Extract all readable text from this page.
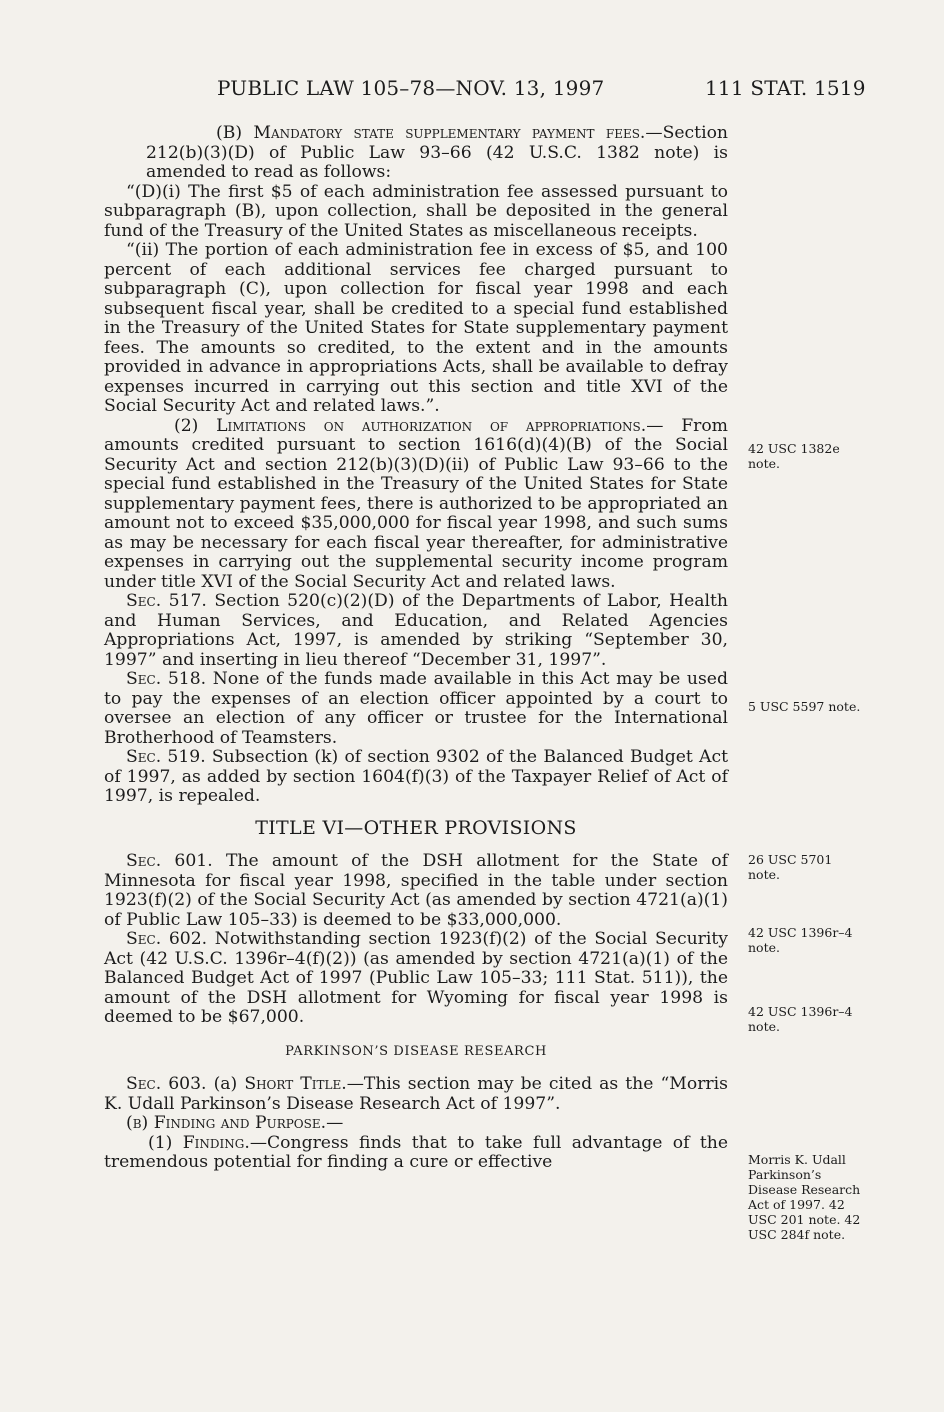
PUBLIC LAW 105–78—NOV. 13, 1997	111 STAT. 1519

(B) Mandatory state supplementary payment fees.—Section 212(b)(3)(D) of Public Law 93–66 (42 U.S.C. 1382 note) is amended to read as follows:

“(D)(i) The first $5 of each administration fee assessed pursuant to subparagraph (B), upon collection, shall be deposited in the general fund of the Treasury of the United States as miscellaneous receipts.

“(ii) The portion of each administration fee in excess of $5, and 100 percent of each additional services fee charged pursuant to subparagraph (C), upon collection for fiscal year 1998 and each subsequent fiscal year, shall be credited to a special fund established in the Treasury of the United States for State supplementary payment fees. The amounts so credited, to the extent and in the amounts provided in advance in appropriations Acts, shall be available to defray expenses incurred in carrying out this section and title XVI of the Social Security Act and related laws.”.

(2) Limitations on authorization of appropriations.— From amounts credited pursuant to section 1616(d)(4)(B) of the Social Security Act and section 212(b)(3)(D)(ii) of Public Law 93–66 to the special fund established in the Treasury of the United States for State supplementary payment fees, there is authorized to be appropriated an amount not to exceed $35,000,000 for fiscal year 1998, and such sums as may be necessary for each fiscal year thereafter, for administrative expenses in carrying out the supplemental security income program under title XVI of the Social Security Act and related laws.

Sec. 517. Section 520(c)(2)(D) of the Departments of Labor, Health and Human Services, and Education, and Related Agencies Appropriations Act, 1997, is amended by striking “September 30, 1997” and inserting in lieu thereof “December 31, 1997”.

Sec. 518. None of the funds made available in this Act may be used to pay the expenses of an election officer appointed by a court to oversee an election of any officer or trustee for the International Brotherhood of Teamsters.

Sec. 519. Subsection (k) of section 9302 of the Balanced Budget Act of 1997, as added by section 1604(f)(3) of the Taxpayer Relief of Act of 1997, is repealed.

TITLE VI—OTHER PROVISIONS

Sec. 601. The amount of the DSH allotment for the State of Minnesota for fiscal year 1998, specified in the table under section 1923(f)(2) of the Social Security Act (as amended by section 4721(a)(1) of Public Law 105–33) is deemed to be $33,000,000.

Sec. 602. Notwithstanding section 1923(f)(2) of the Social Security Act (42 U.S.C. 1396r–4(f)(2)) (as amended by section 4721(a)(1) of the Balanced Budget Act of 1997 (Public Law 105–33; 111 Stat. 511)), the amount of the DSH allotment for Wyoming for fiscal year 1998 is deemed to be $67,000.

PARKINSON’S DISEASE RESEARCH

Sec. 603. (a) Short Title.—This section may be cited as the “Morris K. Udall Parkinson’s Disease Research Act of 1997”.

(b) Finding and Purpose.—

(1) Finding.—Congress finds that to take full advantage of the tremendous potential for finding a cure or effective

42 USC 1382e note.
5 USC 5597 note.
26 USC 5701 note.
42 USC 1396r–4 note.
42 USC 1396r–4 note.
Morris K. Udall Parkinson’s Disease Research Act of 1997. 42 USC 201 note. 42 USC 284f note.
